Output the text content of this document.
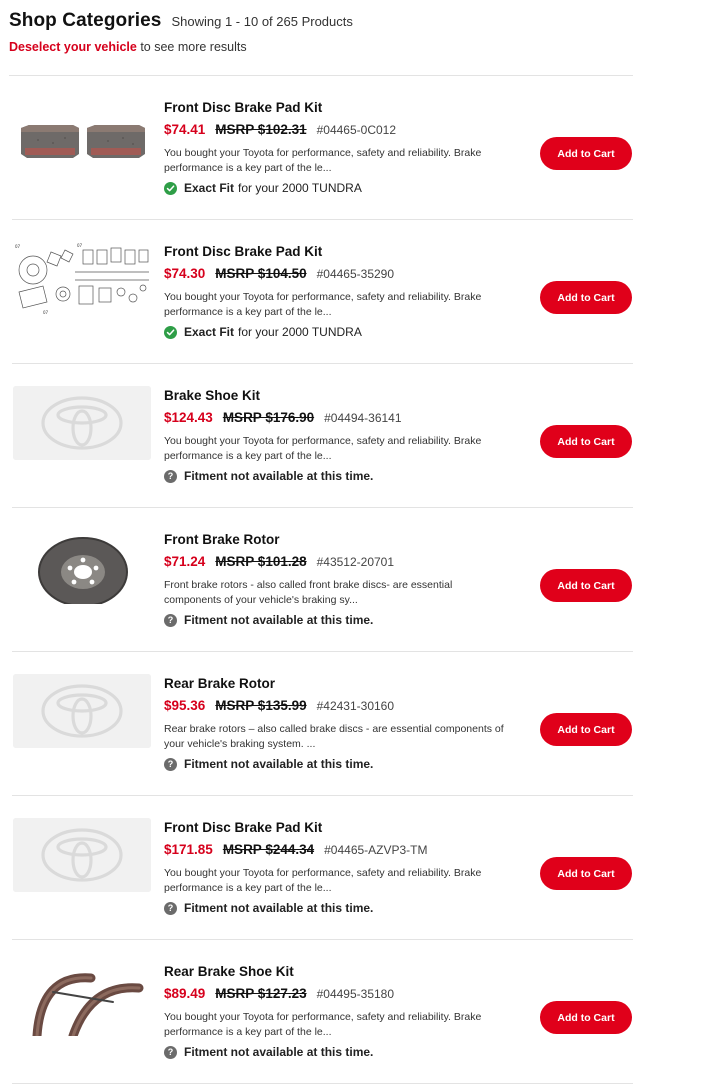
Shop Categories Showing 1 - 10 of 265 Products
Deselect your vehicle to see more results
Front Disc Brake Pad Kit
$74.41 MSRP $102.31 #04465-0C012
You bought your Toyota for performance, safety and reliability. Brake performance is a key part of the le...
Exact Fit for your 2000 TUNDRA
Add to Cart
07	07
07
Front Disc Brake Pad Kit
$74.30 MSRP $104.50 #04465-35290
You bought your Toyota for performance, safety and reliability. Brake performance is a key part of the le...
Exact Fit for your 2000 TUNDRA
Add to Cart
Brake Shoe Kit
$124.43 MSRP $176.90 #04494-36141
You bought your Toyota for performance, safety and reliability. Brake performance is a key part of the le...
? Fitment not available at this time.
Add to Cart
Front Brake Rotor
$71.24 MSRP $101.28 #43512-20701
Front brake rotors - also called front brake discs- are essential components of your vehicle's braking sy...
? Fitment not available at this time.
Add to Cart
Rear Brake Rotor
$95.36 MSRP $135.99 #42431-30160
Rear brake rotors – also called brake discs - are essential components of your vehicle's braking system. ...
? Fitment not available at this time.
Add to Cart
Front Disc Brake Pad Kit
$171.85 MSRP $244.34 #04465-AZVP3-TM
You bought your Toyota for performance, safety and reliability. Brake performance is a key part of the le...
? Fitment not available at this time.
Add to Cart
Rear Brake Shoe Kit
$89.49 MSRP $127.23 #04495-35180
You bought your Toyota for performance, safety and reliability. Brake performance is a key part of the le...
? Fitment not available at this time.
Add to Cart
